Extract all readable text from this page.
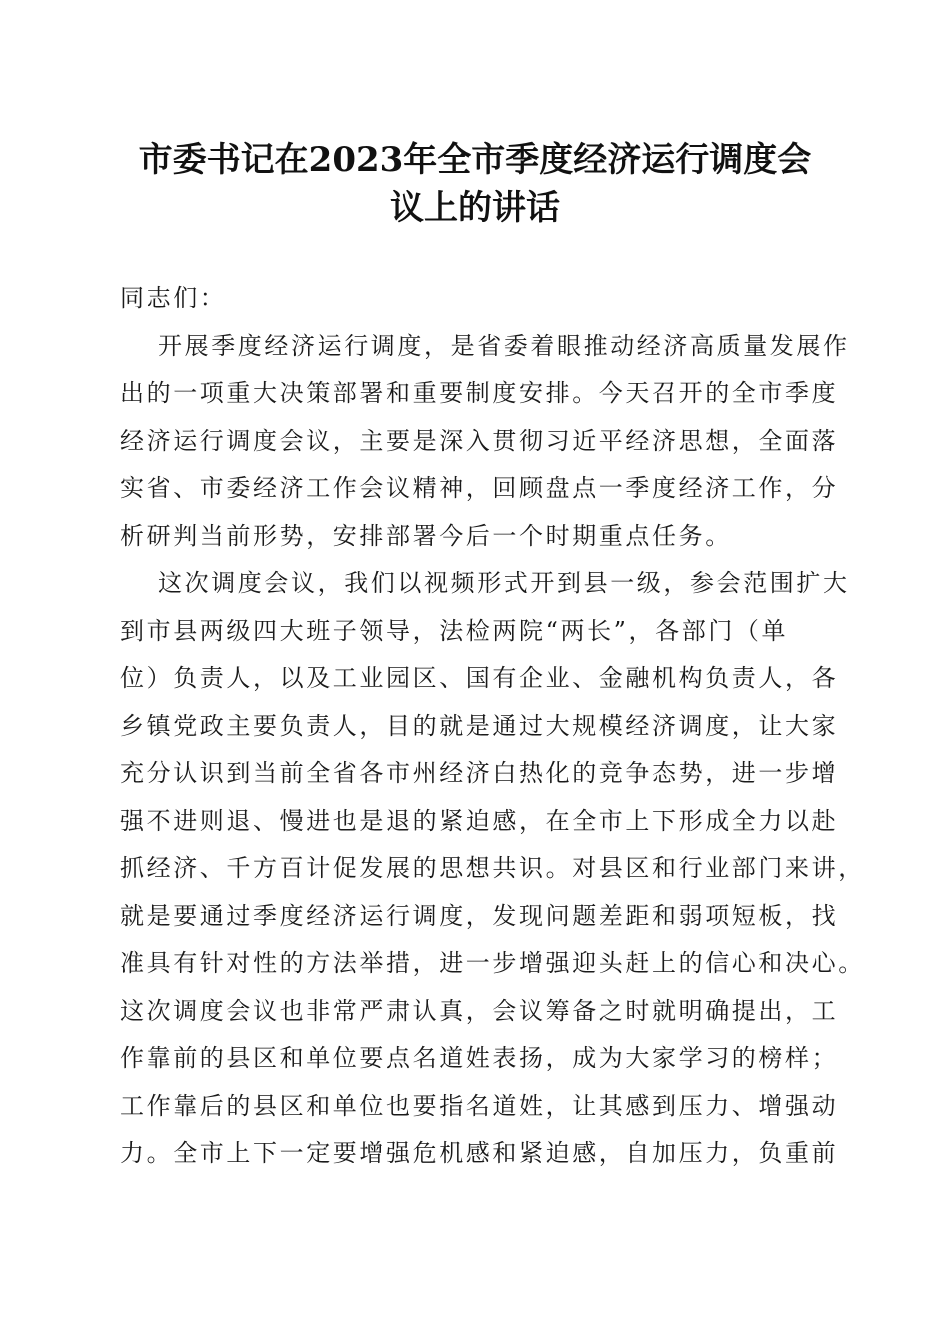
市委书记在2023年全市季度经济运行调度会
议上的讲话

同志们：

开展季度经济运行调度，是省委着眼推动经济高质量发展作

出的一项重大决策部署和重要制度安排。今天召开的全市季度

经济运行调度会议，主要是深入贯彻习近平经济思想，全面落

实省、市委经济工作会议精神，回顾盘点一季度经济工作，分

析研判当前形势，安排部署今后一个时期重点任务。

这次调度会议，我们以视频形式开到县一级，参会范围扩大

到市县两级四大班子领导，法检两院“两长”，各部门（单

位）负责人，以及工业园区、国有企业、金融机构负责人，各

乡镇党政主要负责人，目的就是通过大规模经济调度，让大家

充分认识到当前全省各市州经济白热化的竞争态势，进一步增

强不进则退、慢进也是退的紧迫感，在全市上下形成全力以赴

抓经济、千方百计促发展的思想共识。对县区和行业部门来讲，

就是要通过季度经济运行调度，发现问题差距和弱项短板，找

准具有针对性的方法举措，进一步增强迎头赶上的信心和决心。

这次调度会议也非常严肃认真，会议筹备之时就明确提出，工

作靠前的县区和单位要点名道姓表扬，成为大家学习的榜样；

工作靠后的县区和单位也要指名道姓，让其感到压力、增强动

力。全市上下一定要增强危机感和紧迫感，自加压力，负重前
